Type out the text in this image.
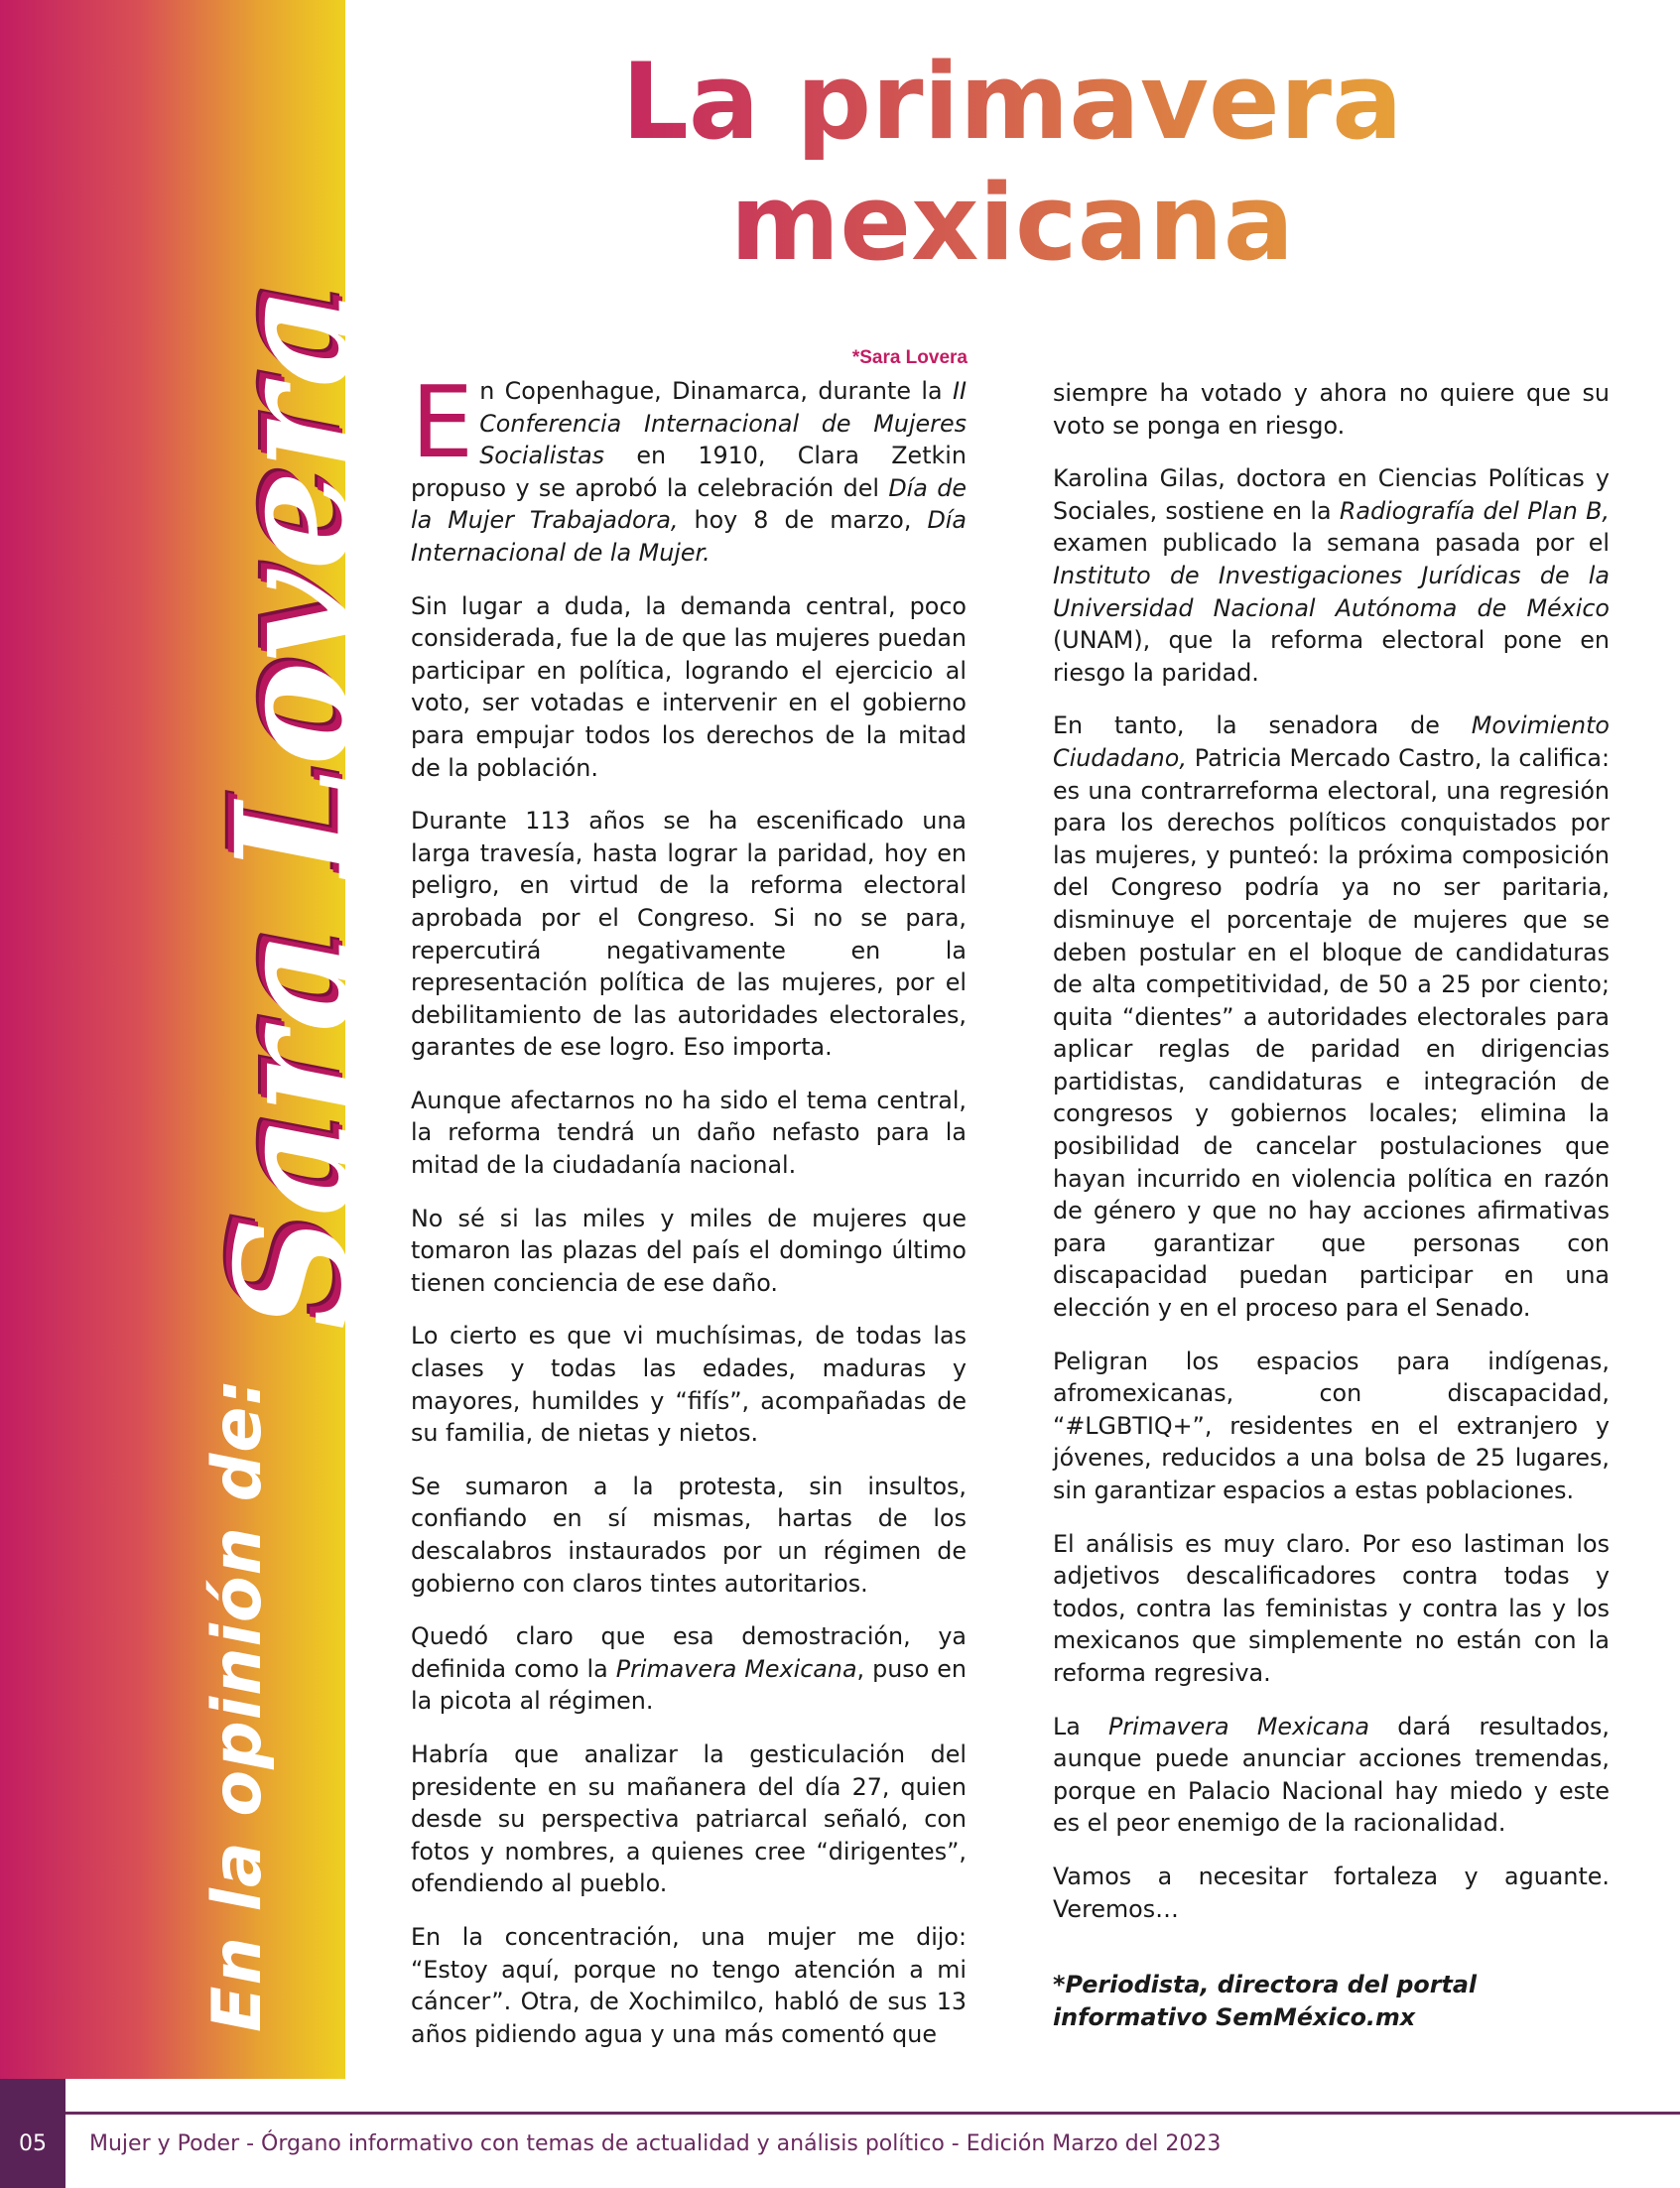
En la opinión de:
Sara Lovera
La primavera
mexicana
*Sara Lovera

En Copenhague, Dinamarca, durante la II Conferencia Internacional de Mujeres Socialistas en 1910, Clara Zetkin propuso y se aprobó la celebración del Día de la Mujer Trabajadora, hoy 8 de marzo, Día Internacional de la Mujer.

Sin lugar a duda, la demanda central, poco considerada, fue la de que las mujeres puedan participar en política, logrando el ejercicio al voto, ser votadas e intervenir en el gobierno para empujar todos los derechos de la mitad de la población.

Durante 113 años se ha escenificado una larga travesía, hasta lograr la paridad, hoy en peligro, en virtud de la reforma electoral aprobada por el Congreso. Si no se para, repercutirá negativamente en la representación política de las mujeres, por el debilitamiento de las autoridades electorales, garantes de ese logro. Eso importa.

Aunque afectarnos no ha sido el tema central, la reforma tendrá un daño nefasto para la mitad de la ciudadanía nacional.

No sé si las miles y miles de mujeres que tomaron las plazas del país el domingo último tienen conciencia de ese daño.

Lo cierto es que vi muchísimas, de todas las clases y todas las edades, maduras y mayores, humildes y “fifís”, acompañadas de su familia, de nietas y nietos.

Se sumaron a la protesta, sin insultos, confiando en sí mismas, hartas de los descalabros instaurados por un régimen de gobierno con claros tintes autoritarios.

Quedó claro que esa demostración, ya definida como la Primavera Mexicana, puso en la picota al régimen.

Habría que analizar la gesticulación del presidente en su mañanera del día 27, quien desde su perspectiva patriarcal señaló, con fotos y nombres, a quienes cree “dirigentes”, ofendiendo al pueblo.

En la concentración, una mujer me dijo: “Estoy aquí, porque no tengo atención a mi cáncer”. Otra, de Xochimilco, habló de sus 13 años pidiendo agua y una más comentó que

siempre ha votado y ahora no quiere que su voto se ponga en riesgo.

Karolina Gilas, doctora en Ciencias Políticas y Sociales, sostiene en la Radiografía del Plan B, examen publicado la semana pasada por el Instituto de Investigaciones Jurídicas de la Universidad Nacional Autónoma de México (UNAM), que la reforma electoral pone en riesgo la paridad.

En tanto, la senadora de Movimiento Ciudadano, Patricia Mercado Castro, la califica: es una contrarreforma electoral, una regresión para los derechos políticos conquistados por las mujeres, y punteó: la próxima composición del Congreso podría ya no ser paritaria, disminuye el porcentaje de mujeres que se deben postular en el bloque de candidaturas de alta competitividad, de 50 a 25 por ciento; quita “dientes” a autoridades electorales para aplicar reglas de paridad en dirigencias partidistas, candidaturas e integración de congresos y gobiernos locales; elimina la posibilidad de cancelar postulaciones que hayan incurrido en violencia política en razón de género y que no hay acciones afirmativas para garantizar que personas con discapacidad puedan participar en una elección y en el proceso para el Senado.

Peligran los espacios para indígenas, afromexicanas, con discapacidad, “#LGBTIQ+”, residentes en el extranjero y jóvenes, reducidos a una bolsa de 25 lugares, sin garantizar espacios a estas poblaciones.

El análisis es muy claro. Por eso lastiman los adjetivos descalificadores contra todas y todos, contra las feministas y contra las y los mexicanos que simplemente no están con la reforma regresiva.

La Primavera Mexicana dará resultados, aunque puede anunciar acciones tremendas, porque en Palacio Nacional hay miedo y este es el peor enemigo de la racionalidad.

Vamos a necesitar fortaleza y aguante. Veremos…

*Periodista, directora del portal informativo SemMéxico.mx

05	Mujer y Poder - Órgano informativo con temas de actualidad y análisis político - Edición Marzo del 2023
